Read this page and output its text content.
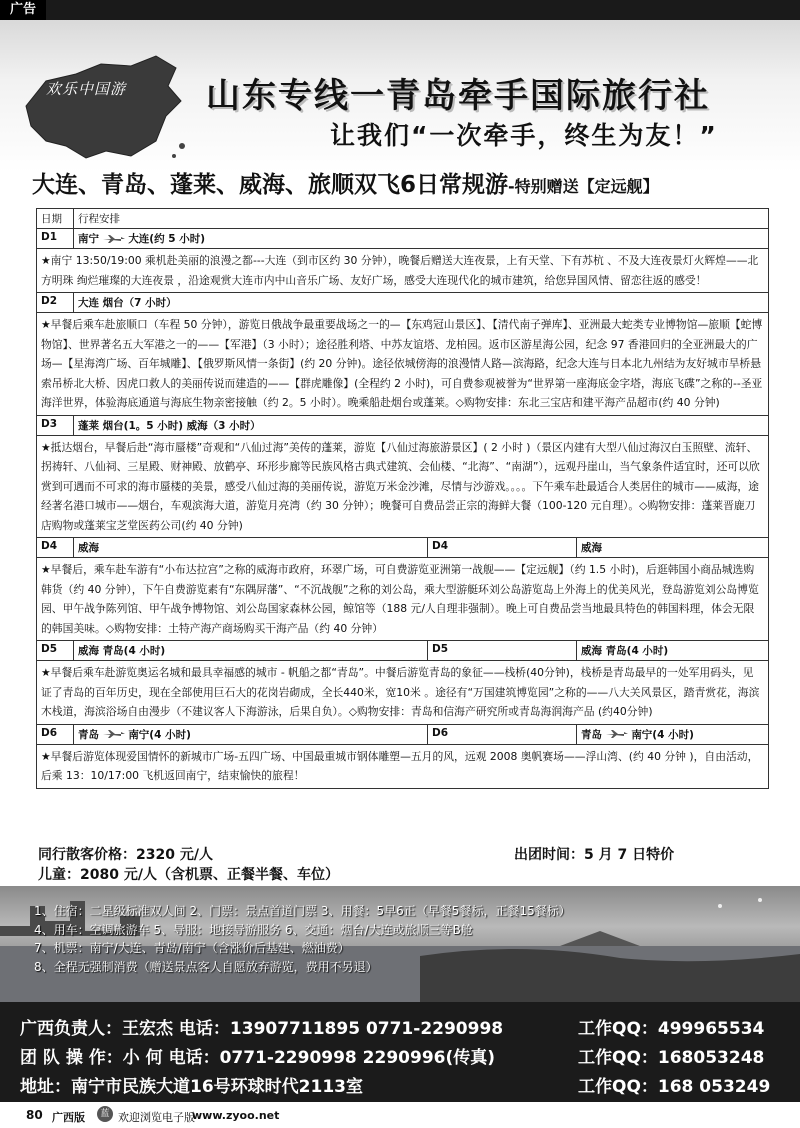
广告
欢乐中国游 山东专线一青岛牵手国际旅行社
让我们“一次牵手，终生为友！”
大连、青岛、蓬莱、威海、旅顺双飞6日常规游-特别赠送【定远舰】
日期	行程安排		
D1	南宁 大连(约 5 小时)		
★南宁 13:50/19:00 乘机赴美丽的浪漫之都---大连（到市区约 30 分钟），晚餐后赠送大连夜景，上有天堂、下有苏杭 、不及大连夜景灯火辉煌——北方明珠 绚烂璀璨的大连夜景 ，沿途观赏大连市内中山音乐广场、友好广场，感受大连现代化的城市建筑，给您异国风情、留恋往返的感受！			
D2	大连 烟台（7 小时）		
★早餐后乘车赴旅顺口（车程 50 分钟），游览日俄战争最重要战场之一的—【东鸡冠山景区】、【清代南子弹库】、亚洲最大蛇类专业博物馆—旅顺【蛇博物馆】、世界著名五大军港之一的——【军港】（3 小时）；途径胜利塔、中苏友谊塔、龙柏园。返市区游星海公园，纪念 97 香港回归的全亚洲最大的广场—【星海湾广场、百年城雕】、【俄罗斯风情一条街】(约 20 分钟)。途径依城傍海的浪漫情人路—滨海路，纪念大连与日本北九州结为友好城市旱桥悬索吊桥北大桥、因虎口救人的美丽传说而建造的——【群虎雕像】(全程约 2 小时)，可自费参观被誉为“世界第一座海底金字塔，海底飞碟”之称的--圣亚海洋世界，体验海底通道与海底生物亲密接触（约 2。5 小时）。晚乘船赴烟台或蓬莱。◇购物安排：东北三宝店和建平海产品超市(约 40 分钟)			
D3	蓬莱 烟台(1。5 小时) 威海（3 小时）		
★抵达烟台，早餐后赴“海市蜃楼”奇观和“八仙过海”美传的蓬莱，游览【八仙过海旅游景区】( 2 小时 )（景区内建有大型八仙过海汉白玉照壁、流轩、拐祷轩、八仙祠、三星殿、财神殿、放鹤亭、环形步廊等民族风格古典式建筑、会仙楼、“北海”、“南湖”），远观丹崖山，当气象条件适宜时，还可以欣赏到可遇而不可求的海市蜃楼的美景，感受八仙过海的美丽传说，游览万米金沙滩，尽情与沙游戏。。。。下午乘车赴最适合人类居住的城市——威海，途经著名港口城市——烟台，车观滨海大道，游览月亮湾（约 30 分钟）；晚餐可自费品尝正宗的海鲜大餐（100-120 元自理）。◇购物安排：蓬莱晋鹿刀店购物或蓬莱宝芝堂医药公司(约 40 分钟)			
D4	威海	D4	威海
★早餐后，乘车赴车游有“小布达拉宫”之称的威海市政府，环翠广场，可自费游览亚洲第一战舰——【定远舰】（约 1.5 小时)，后逛韩国小商品城选购韩货（约 40 分钟），下午自费游览素有“东隅屏藩”、“不沉战舰”之称的刘公岛，乘大型游艇环刘公岛游览岛上外海上的优美风光，登岛游览刘公岛博览园、甲午战争陈列馆、甲午战争博物馆、刘公岛国家森林公园，鲸馆等（188 元/人自理非强制）。晚上可自费品尝当地最具特色的韩国料理，体会无限的韩国美味。◇购物安排：土特产海产商场购买干海产品（约 40 分钟）			
D5	威海 青岛(4 小时)	D5	威海 青岛(4 小时)
★早餐后乘车赴游览奥运名城和最具幸福感的城市 - 帆船之都“青岛”。中餐后游览青岛的象征——栈桥(40分钟)，栈桥是青岛最早的一处军用码头，见证了青岛的百年历史，现在全部使用巨石大的花岗岩砌成，全长440米，宽10米 。途径有“万国建筑博览园”之称的——八大关风景区，踏青赏花，海滨木栈道，海滨浴场自由漫步（不建议客人下海游泳，后果自负）。◇购物安排：青岛和信海产研究所或青岛海润海产品 (约40分钟)			
D6	青岛 南宁(4 小时)	D6	青岛 南宁(4 小时)
★早餐后游览体现爱国情怀的新城市广场-五四广场、中国最重城市钢体雕塑—五月的风，远观 2008 奥帆赛场——浮山湾、(约 40 分钟 )，自由活动，后乘 13：10/17:00 飞机返回南宁，结束愉快的旅程！			
同行散客价格：2320 元/人
儿童：2080 元/人（含机票、正餐半餐、车位）
出团时间：5 月 7 日特价
1、住宿：二星级标准双人间 2、门票：景点首道门票 3、用餐：5早6正（早餐5餐标，正餐15餐标）
4、用车：空调旅游车 5、导服：地接导游服务 6、交通：烟台/大连或旅顺三等B舱
7、机票：南宁/大连、青岛/南宁（含涨价后基建、燃油费）
8、全程无强制消费（赠送景点客人自愿放弃游览，费用不另退）
广西负责人：王宏杰 电话：13907711895 0771-2290998	工作QQ：499965534
团 队 操 作：小 何 电话：0771-2290998 2290996(传真)	工作QQ：168053248
地址：南宁市民族大道16号环球时代2113室	工作QQ：168 053249
80 广西版	蓝 欢迎浏览电子版
www.zyoo.net
